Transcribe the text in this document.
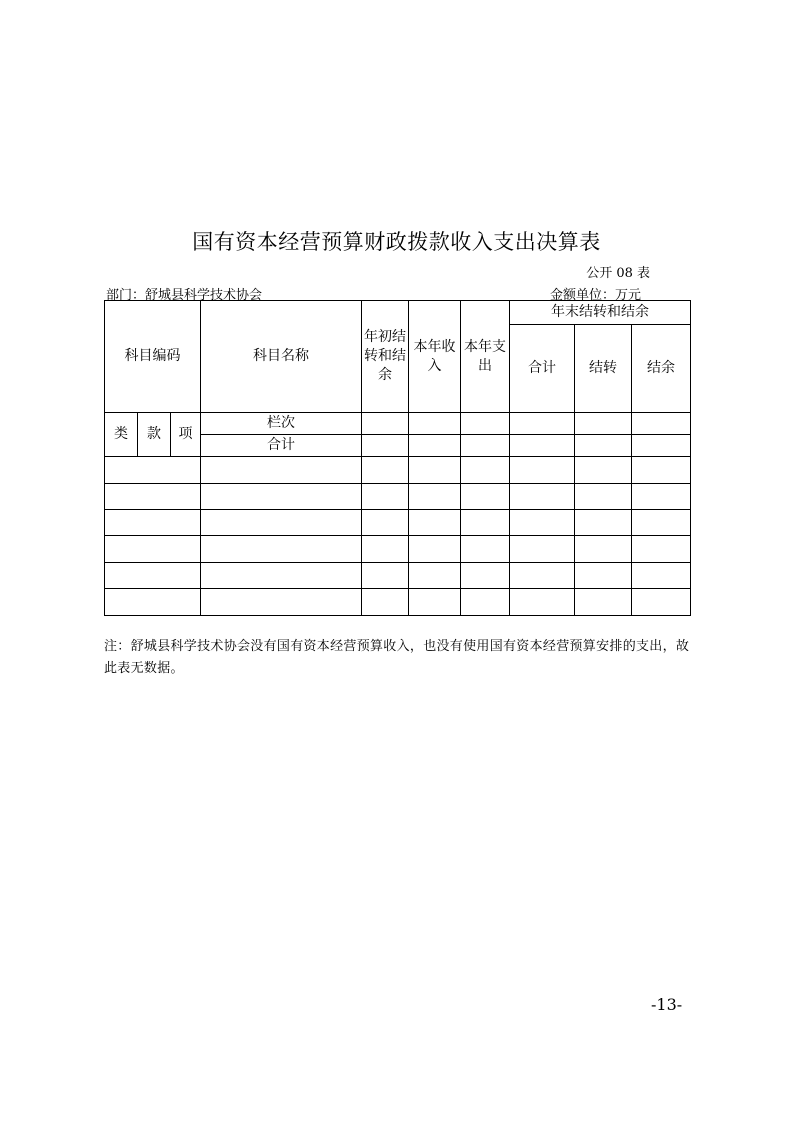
国有资本经营预算财政拨款收入支出决算表
公开 08 表
部门：舒城县科学技术协会	金额单位：万元
科目编码			科目名称	年初结转和结余	本年收入	本年支出	年末结转和结余		
							合计	结转	结余
类	款	项	栏次						
			合计						

注：舒城县科学技术协会没有国有资本经营预算收入，也没有使用国有资本经营预算安排的支出，故此表无数据。
-13-
